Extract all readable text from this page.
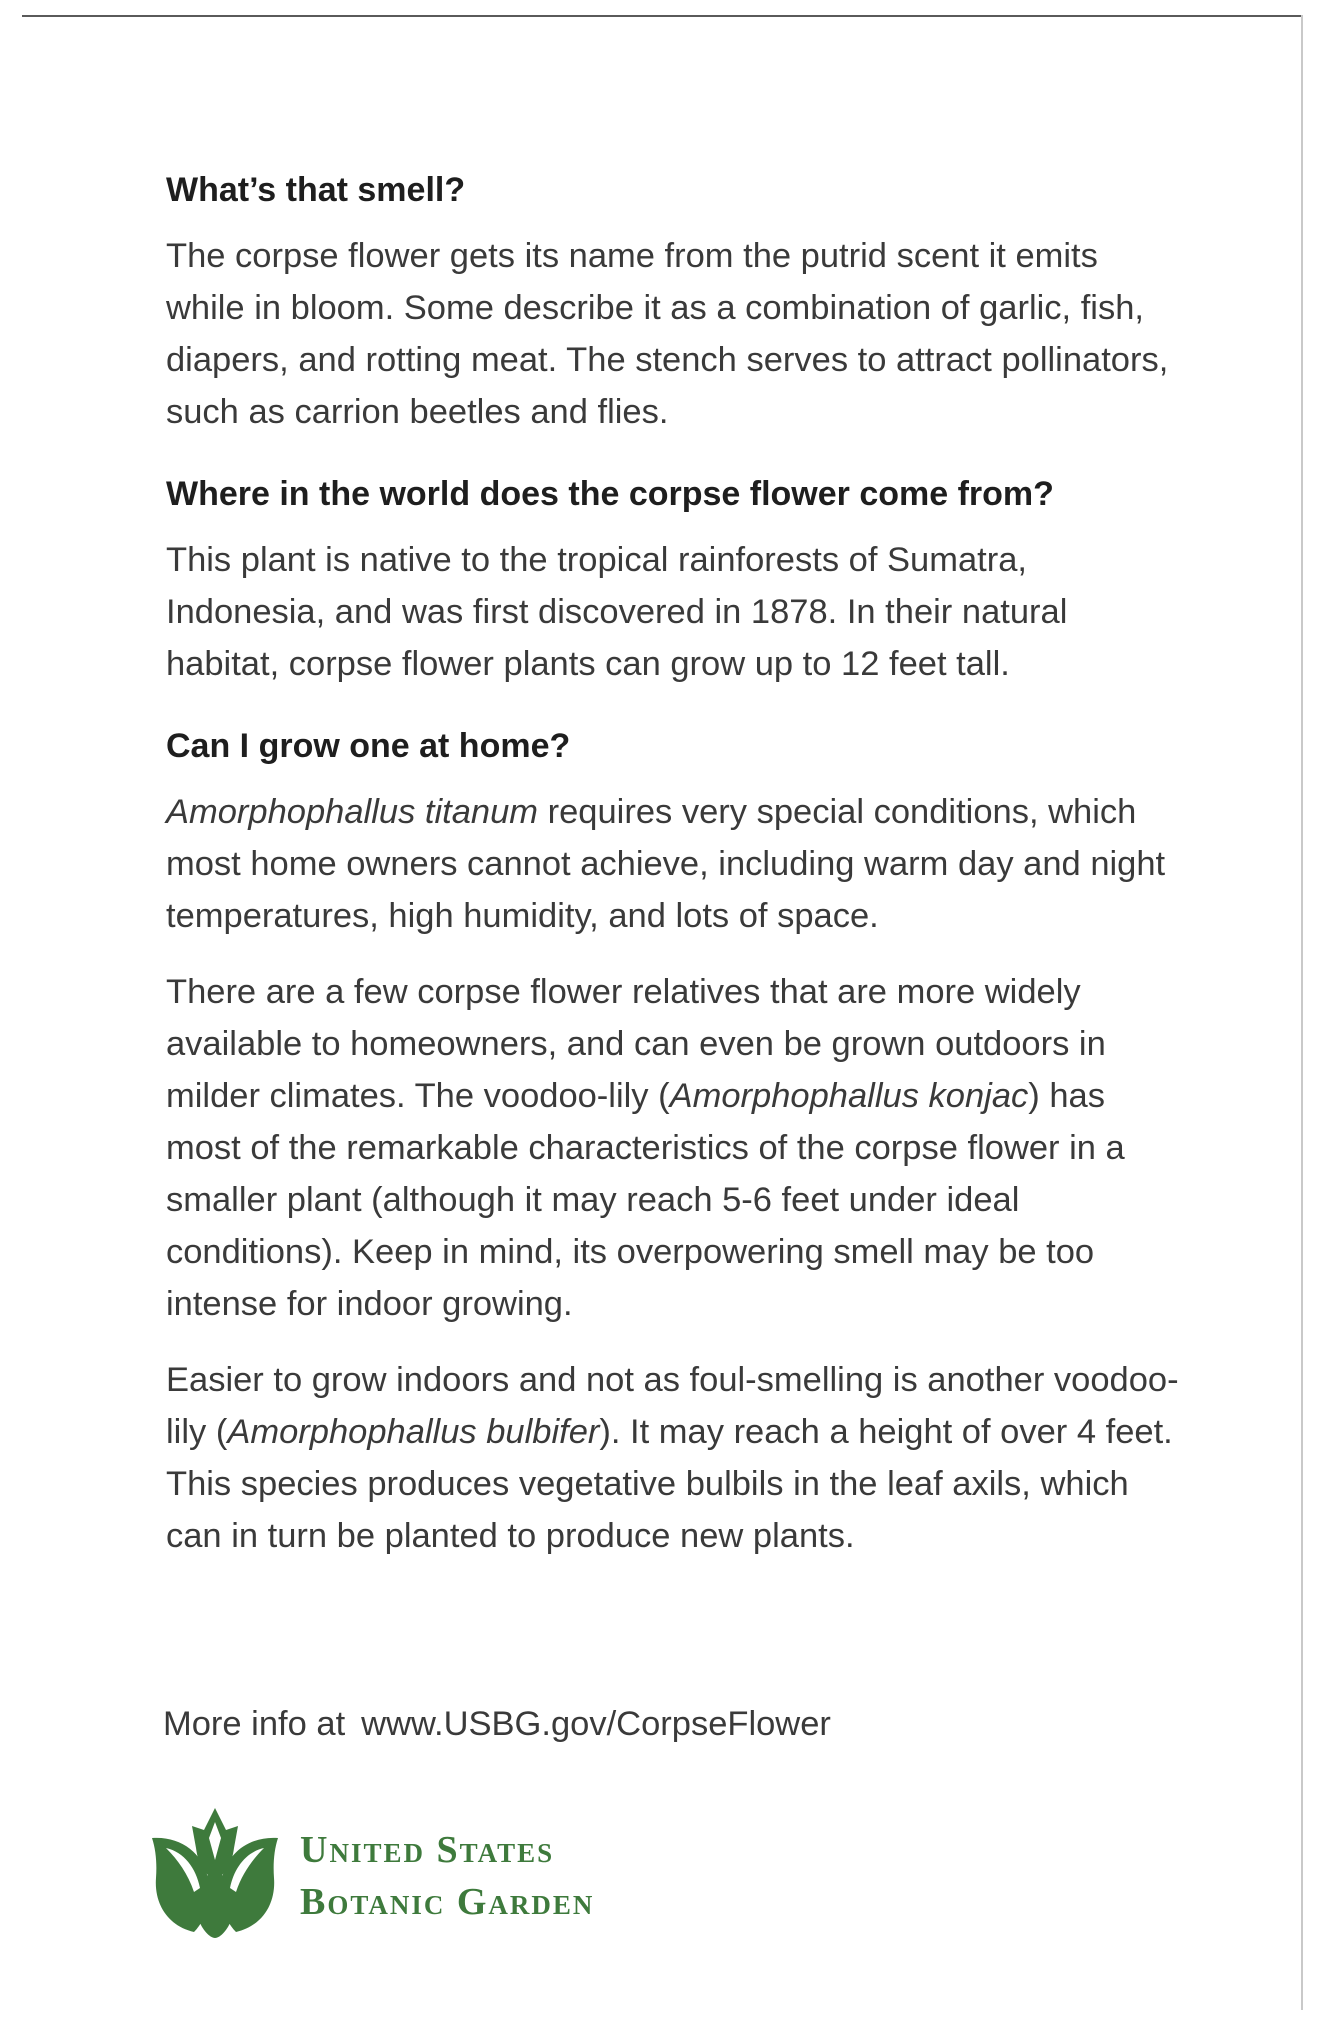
What’s that smell?

The corpse flower gets its name from the putrid scent it emits while in bloom. Some describe it as a combination of garlic, fish, diapers, and rotting meat. The stench serves to attract pollinators, such as carrion beetles and flies.

Where in the world does the corpse flower come from?

This plant is native to the tropical rainforests of Sumatra, Indonesia, and was first discovered in 1878. In their natural habitat, corpse flower plants can grow up to 12 feet tall.

Can I grow one at home?

Amorphophallus titanum requires very special conditions, which most home owners cannot achieve, including warm day and night temperatures, high humidity, and lots of space.

There are a few corpse flower relatives that are more widely available to homeowners, and can even be grown outdoors in milder climates. The voodoo-lily (Amorphophallus konjac) has most of the remarkable characteristics of the corpse flower in a smaller plant (although it may reach 5-6 feet under ideal conditions). Keep in mind, its overpowering smell may be too intense for indoor growing.

Easier to grow indoors and not as foul-smelling is another voodoo-lily (Amorphophallus bulbifer). It may reach a height of over 4 feet. This species produces vegetative bulbils in the leaf axils, which can in turn be planted to produce new plants.

More info at www.USBG.gov/CorpseFlower
United States
Botanic Garden
